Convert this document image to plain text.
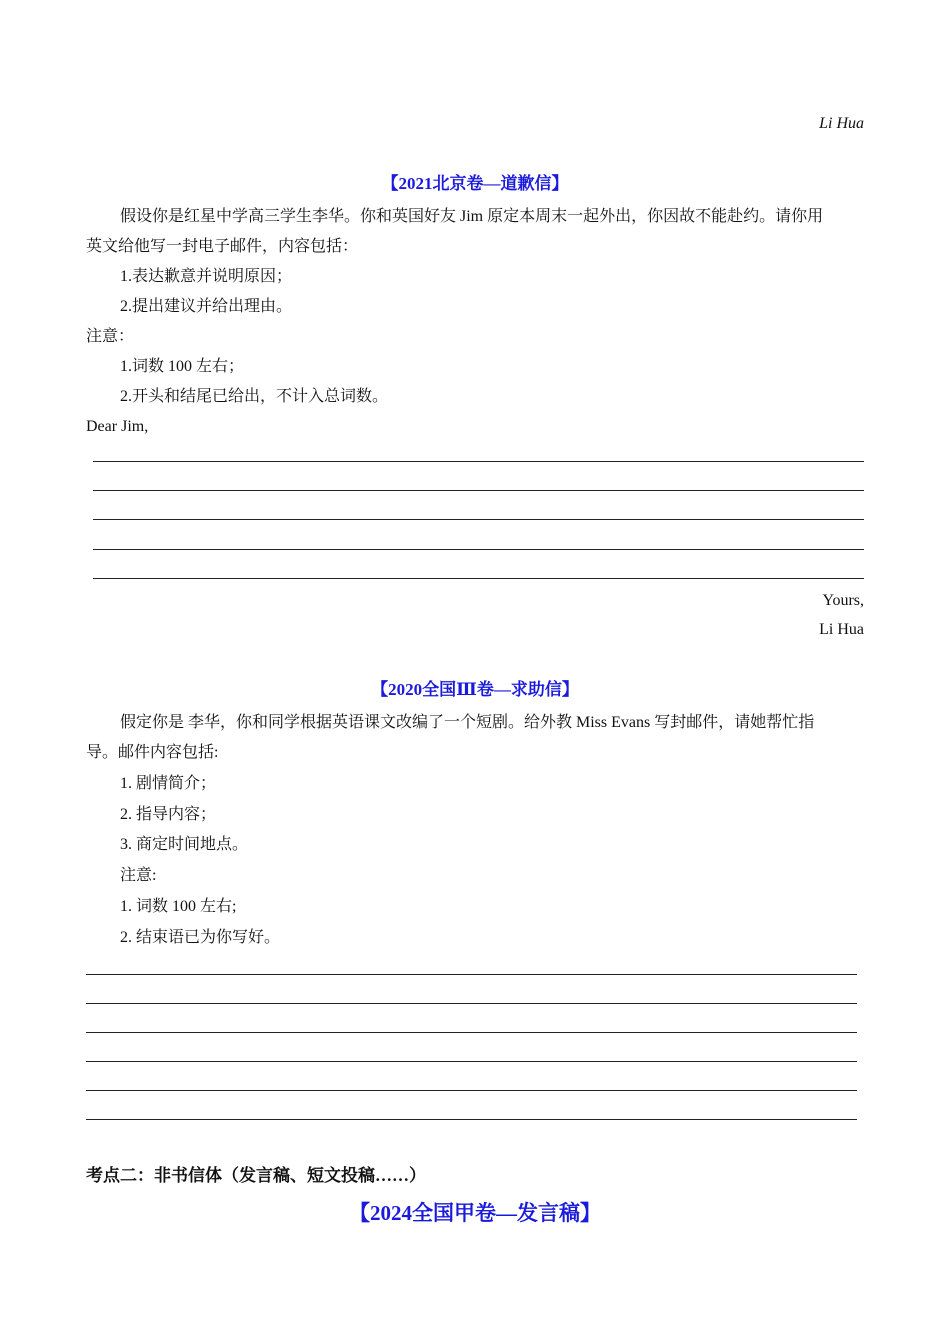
Li Hua
【2021北京卷—道歉信】
假设你是红星中学高三学生李华。你和英国好友 Jim 原定本周末一起外出，你因故不能赴约。请你用
英文给他写一封电子邮件，内容包括：
1.表达歉意并说明原因；
2.提出建议并给出理由。
注意：
1.词数 100 左右；
2.开头和结尾已给出，不计入总词数。
Dear Jim,
Yours,
Li Hua
【2020全国Ⅲ卷—求助信】
假定你是 李华，你和同学根据英语课文改编了一个短剧。给外教 Miss Evans 写封邮件，请她帮忙指
导。邮件内容包括:
1. 剧情简介；
2. 指导内容；
3. 商定时间地点。
注意:
1. 词数 100 左右;
2. 结束语已为你写好。
考点二：非书信体（发言稿、短文投稿……）
【2024全国甲卷—发言稿】
